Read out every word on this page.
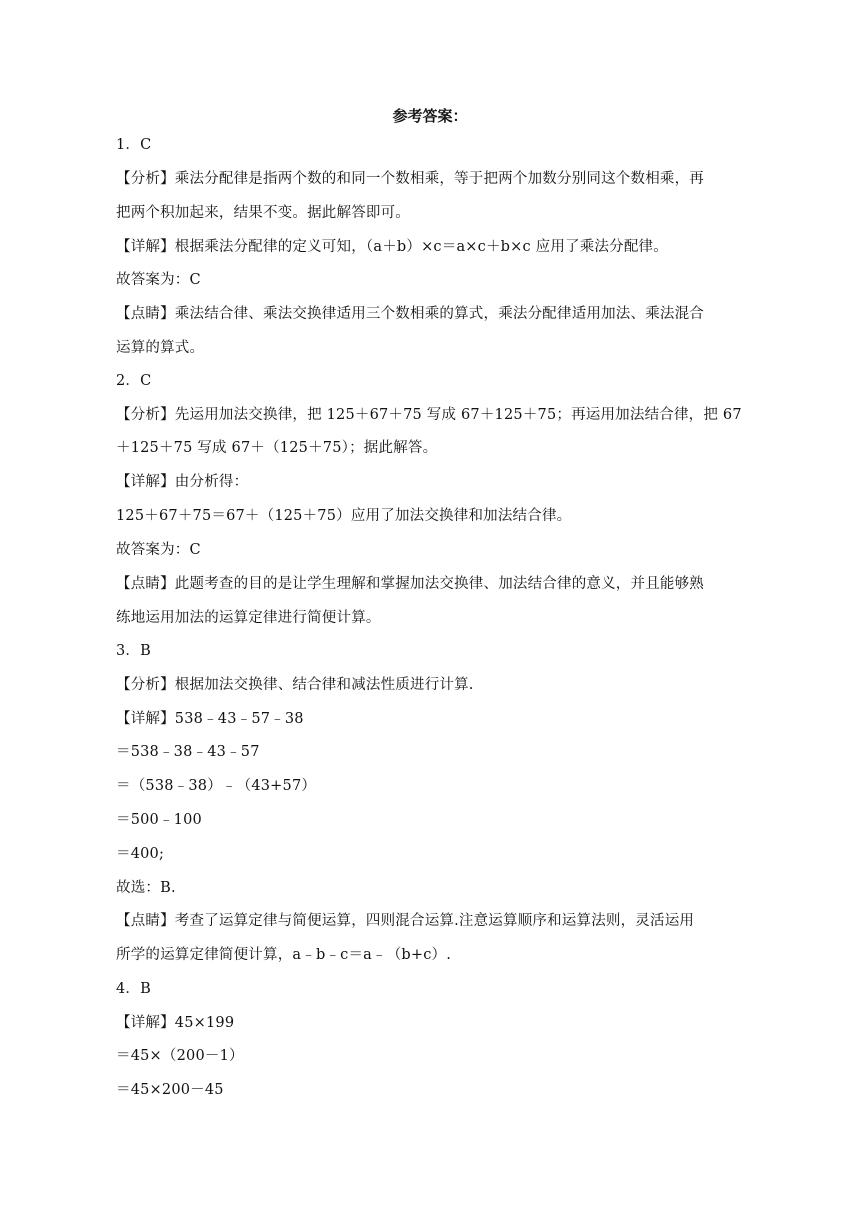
参考答案：
1．C
【分析】乘法分配律是指两个数的和同一个数相乘，等于把两个加数分别同这个数相乘，再
把两个积加起来，结果不变。据此解答即可。
【详解】根据乘法分配律的定义可知，（a＋b）×c＝a×c＋b×c 应用了乘法分配律。
故答案为：C
【点睛】乘法结合律、乘法交换律适用三个数相乘的算式，乘法分配律适用加法、乘法混合
运算的算式。
2．C
【分析】先运用加法交换律，把 125＋67＋75 写成 67＋125＋75；再运用加法结合律，把 67
＋125＋75 写成 67＋（125＋75）；据此解答。
【详解】由分析得：
125＋67＋75＝67＋（125＋75）应用了加法交换律和加法结合律。
故答案为：C
【点睛】此题考查的目的是让学生理解和掌握加法交换律、加法结合律的意义，并且能够熟
练地运用加法的运算定律进行简便计算。
3．B
【分析】根据加法交换律、结合律和减法性质进行计算.
【详解】538﹣43﹣57﹣38
＝538﹣38﹣43﹣57
＝（538﹣38）﹣（43+57）
＝500﹣100
＝400;
故选：B.
【点睛】考查了运算定律与简便运算，四则混合运算.注意运算顺序和运算法则，灵活运用
所学的运算定律简便计算，a﹣b﹣c＝a﹣（b+c）.
4．B
【详解】45×199
＝45×（200－1）
＝45×200－45
